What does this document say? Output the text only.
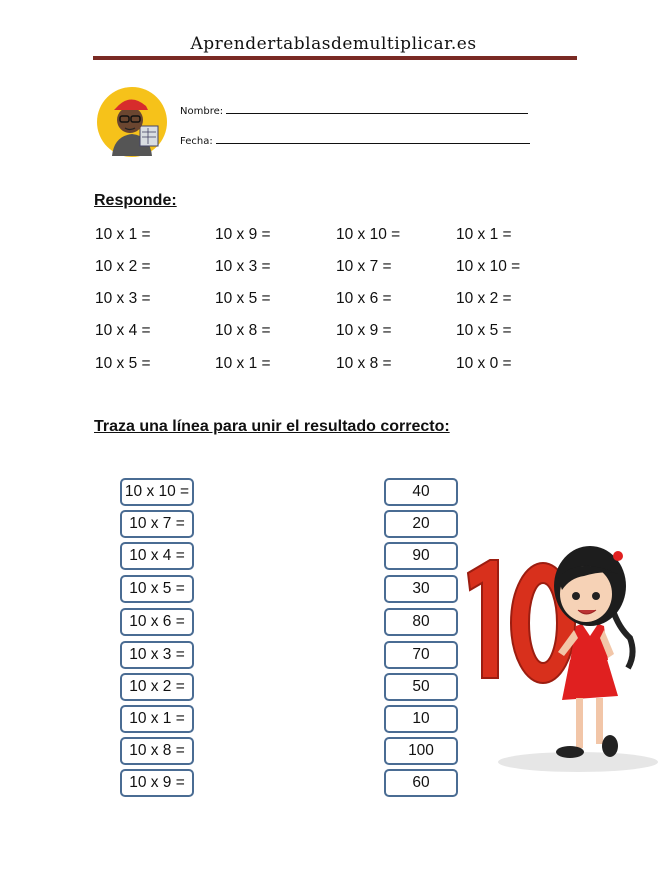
Aprendertablasdemultiplicar.es
Nombre:
Fecha:
Responde:
10 x 1 =
10 x 2 =
10 x 3 =
10 x 4 =
10 x 5 =
10 x 9 =
10 x 3 =
10 x 5 =
10 x 8 =
10 x 1 =
10 x 10 =
10 x 7 =
10 x 6 =
10 x 9 =
10 x 8 =
10 x 1 =
10 x 10 =
10 x 2 =
10 x 5 =
10 x 0 =
Traza una línea para unir el resultado correcto:
10 x 10 =
10 x 7 =
10 x 4 =
10 x 5 =
10 x 6 =
10 x 3 =
10 x 2 =
10 x 1 =
10 x 8 =
10 x 9 =
40
20
90
30
80
70
50
10
100
60
10
